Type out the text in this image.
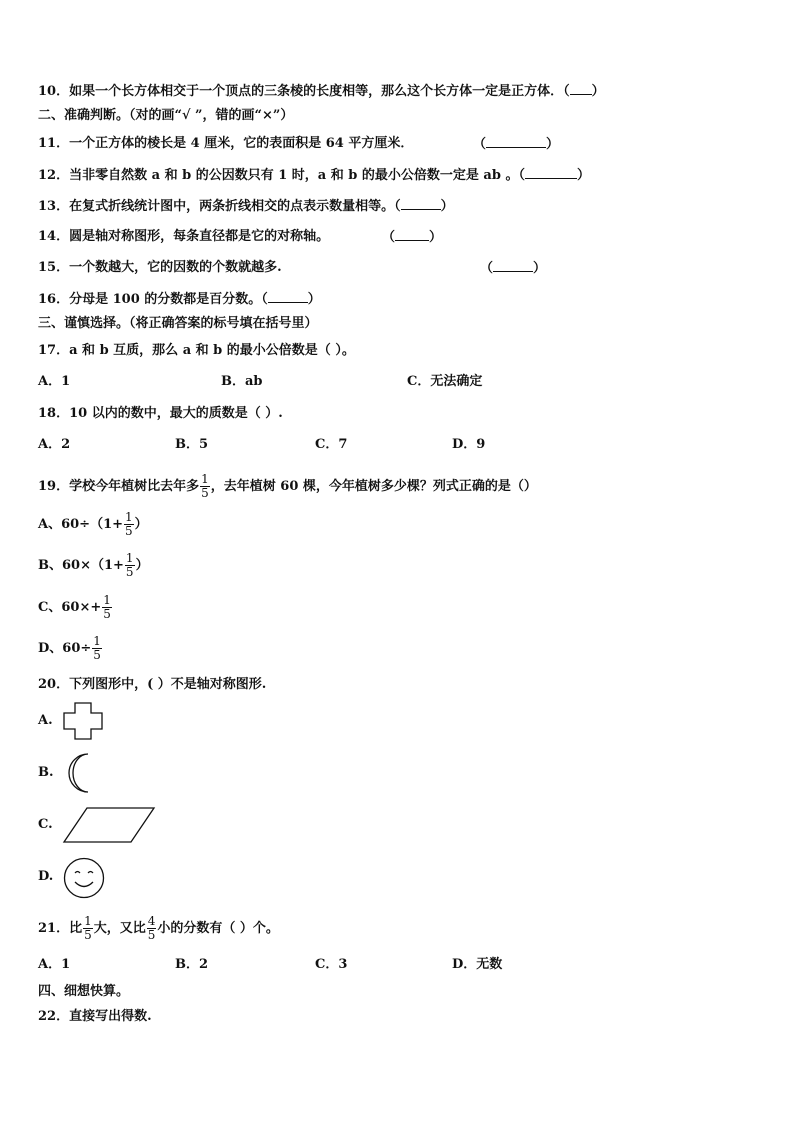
10．如果一个长方体相交于一个顶点的三条棱的长度相等，那么这个长方体一定是正方体．（ ）
二、准确判断。（对的画“√ ”，错的画“×”）
11．一个正方体的棱长是 4 厘米，它的表面积是 64 平方厘米．	（	）
12．当非零自然数 a 和 b 的公因数只有 1 时，a 和 b 的最小公倍数一定是 ab 。（	）
13．在复式折线统计图中，两条折线相交的点表示数量相等。（	）
14．圆是轴对称图形，每条直径都是它的对称轴。	（	）
15．一个数越大，它的因数的个数就越多.	（	）
16．分母是 100 的分数都是百分数。（	）
三、谨慎选择。（将正确答案的标号填在括号里）
17．a 和 b 互质，那么 a 和 b 的最小公倍数是（ ）。
A．1	B．ab	C．无法确定
18．10 以内的数中，最大的质数是（ ）.
A．2	B．5	C．7	D．9
19．学校今年植树比去年多 $\frac{1}{5}$ ，去年植树 60 棵，今年植树多少棵？列式正确的是（）
A、$60\div(1+ \frac{1}{5}$ ）
B、$60\times(1+ \frac{1}{5}$ ）
C、$60\times+ \frac{1}{5}$
D、$60\div \frac{1}{5}$
20．下列图形中，( ）不是轴对称图形.
A.
B.
C.
D.
21．比 $\frac{1}{5}$ 大，又比 $\frac{4}{5}$ 小的分数有（ ）个。
A．1	B．2	C．3	D．无数
四、细想快算。
22．直接写出得数.
